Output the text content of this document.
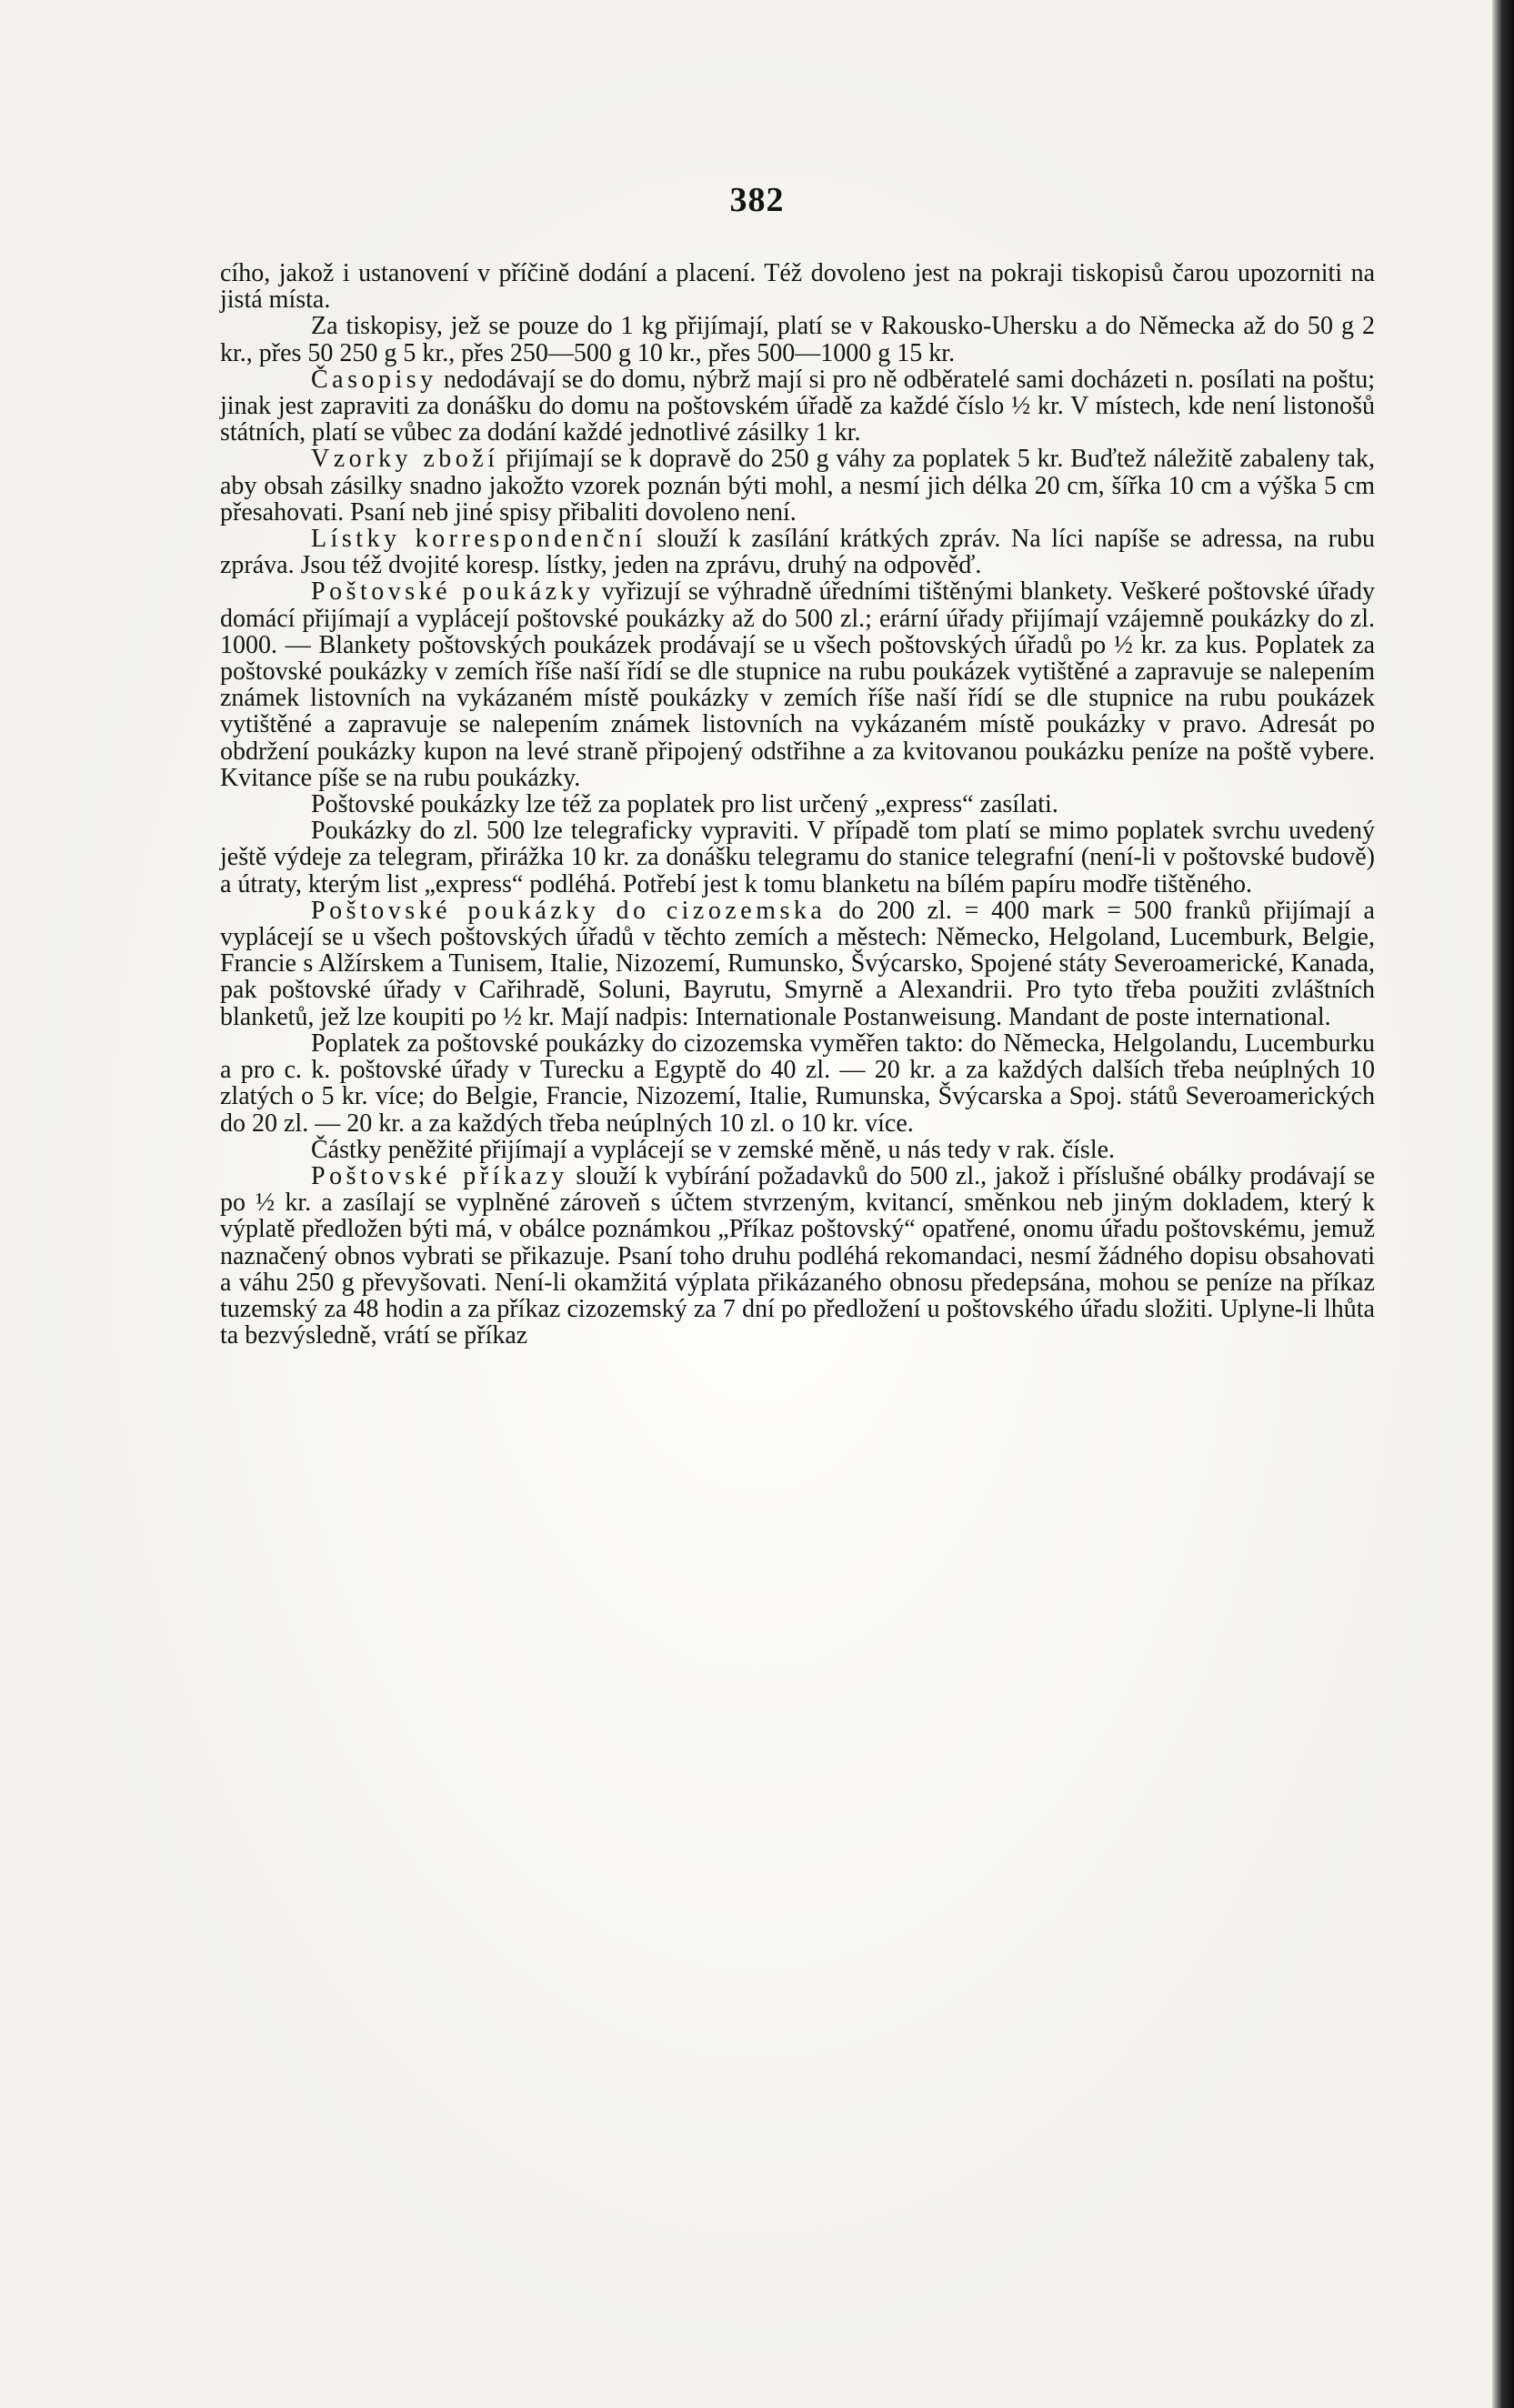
382

cího, jakož i ustanovení v příčině dodání a placení. Též dovoleno jest na pokraji tiskopisů čarou upozorniti na jistá místa.

Za tiskopisy, jež se pouze do 1 kg přijímají, platí se v Rakousko-Uhersku a do Německa až do 50 g 2 kr., přes 50 250 g 5 kr., přes 250—500 g 10 kr., přes 500—1000 g 15 kr.

Časopisy nedodávají se do domu, nýbrž mají si pro ně odběratelé sami docházeti n. posílati na poštu; jinak jest zapraviti za donášku do domu na poštovském úřadě za každé číslo ½ kr. V místech, kde není listonošů státních, platí se vůbec za dodání každé jednotlivé zásilky 1 kr.

Vzorky zboží přijímají se k dopravě do 250 g váhy za poplatek 5 kr. Buďtež náležitě zabaleny tak, aby obsah zásilky snadno jakožto vzorek poznán býti mohl, a nesmí jich délka 20 cm, šířka 10 cm a výška 5 cm přesahovati. Psaní neb jiné spisy přibaliti dovoleno není.

Lístky korrespondenční slouží k zasílání krátkých zpráv. Na líci napíše se adressa, na rubu zpráva. Jsou též dvojité koresp. lístky, jeden na zprávu, druhý na odpověď.

Poštovské poukázky vyřizují se výhradně úředními tištěnými blankety. Veškeré poštovské úřady domácí přijímají a vyplácejí poštovské poukázky až do 500 zl.; erární úřady přijímají vzájemně poukázky do zl. 1000. — Blankety poštovských poukázek prodávají se u všech poštovských úřadů po ½ kr. za kus. Poplatek za poštovské poukázky v zemích říše naší řídí se dle stupnice na rubu poukázek vytištěné a zapravuje se nalepením známek listovních na vykázaném místě poukázky v zemích říše naší řídí se dle stupnice na rubu poukázek vytištěné a zapravuje se nalepením známek listovních na vykázaném místě poukázky v pravo. Adresát po obdržení poukázky kupon na levé straně připojený odstřihne a za kvitovanou poukázku peníze na poště vybere. Kvitance píše se na rubu poukázky.

Poštovské poukázky lze též za poplatek pro list určený „express“ zasílati.

Poukázky do zl. 500 lze telegraficky vypraviti. V případě tom platí se mimo poplatek svrchu uvedený ještě výdeje za telegram, přirážka 10 kr. za donášku telegramu do stanice telegrafní (není-li v poštovské budově) a útraty, kterým list „express“ podléhá. Potřebí jest k tomu blanketu na bílém papíru modře tištěného.

Poštovské poukázky do cizozemska do 200 zl. = 400 mark = 500 franků přijímají a vyplácejí se u všech poštovských úřadů v těchto zemích a městech: Německo, Helgoland, Lucemburk, Belgie, Francie s Alžírskem a Tunisem, Italie, Nizozemí, Rumunsko, Švýcarsko, Spojené státy Severoamerické, Kanada, pak poštovské úřady v Cařihradě, Soluni, Bayrutu, Smyrně a Alexandrii. Pro tyto třeba použiti zvláštních blanketů, jež lze koupiti po ½ kr. Mají nadpis: Internationale Postanweisung. Mandant de poste international.

Poplatek za poštovské poukázky do cizozemska vyměřen takto: do Německa, Helgolandu, Lucemburku a pro c. k. poštovské úřady v Turecku a Egyptě do 40 zl. — 20 kr. a za každých dalších třeba neúplných 10 zlatých o 5 kr. více; do Belgie, Francie, Nizozemí, Italie, Rumunska, Švýcarska a Spoj. států Severoamerických do 20 zl. — 20 kr. a za každých třeba neúplných 10 zl. o 10 kr. více.

Částky peněžité přijímají a vyplácejí se v zemské měně, u nás tedy v rak. čísle.

Poštovské příkazy slouží k vybírání požadavků do 500 zl., jakož i příslušné obálky prodávají se po ½ kr. a zasílají se vyplněné zároveň s účtem stvrzeným, kvitancí, směnkou neb jiným dokladem, který k výplatě předložen býti má, v obálce poznámkou „Příkaz poštovský“ opatřené, onomu úřadu poštovskému, jemuž naznačený obnos vybrati se přikazuje. Psaní toho druhu podléhá rekomandaci, nesmí žádného dopisu obsahovati a váhu 250 g převyšovati. Není-li okamžitá výplata přikázaného obnosu předepsána, mohou se peníze na příkaz tuzemský za 48 hodin a za příkaz cizozemský za 7 dní po předložení u poštovského úřadu složiti. Uplyne-li lhůta ta bezvýsledně, vrátí se příkaz
